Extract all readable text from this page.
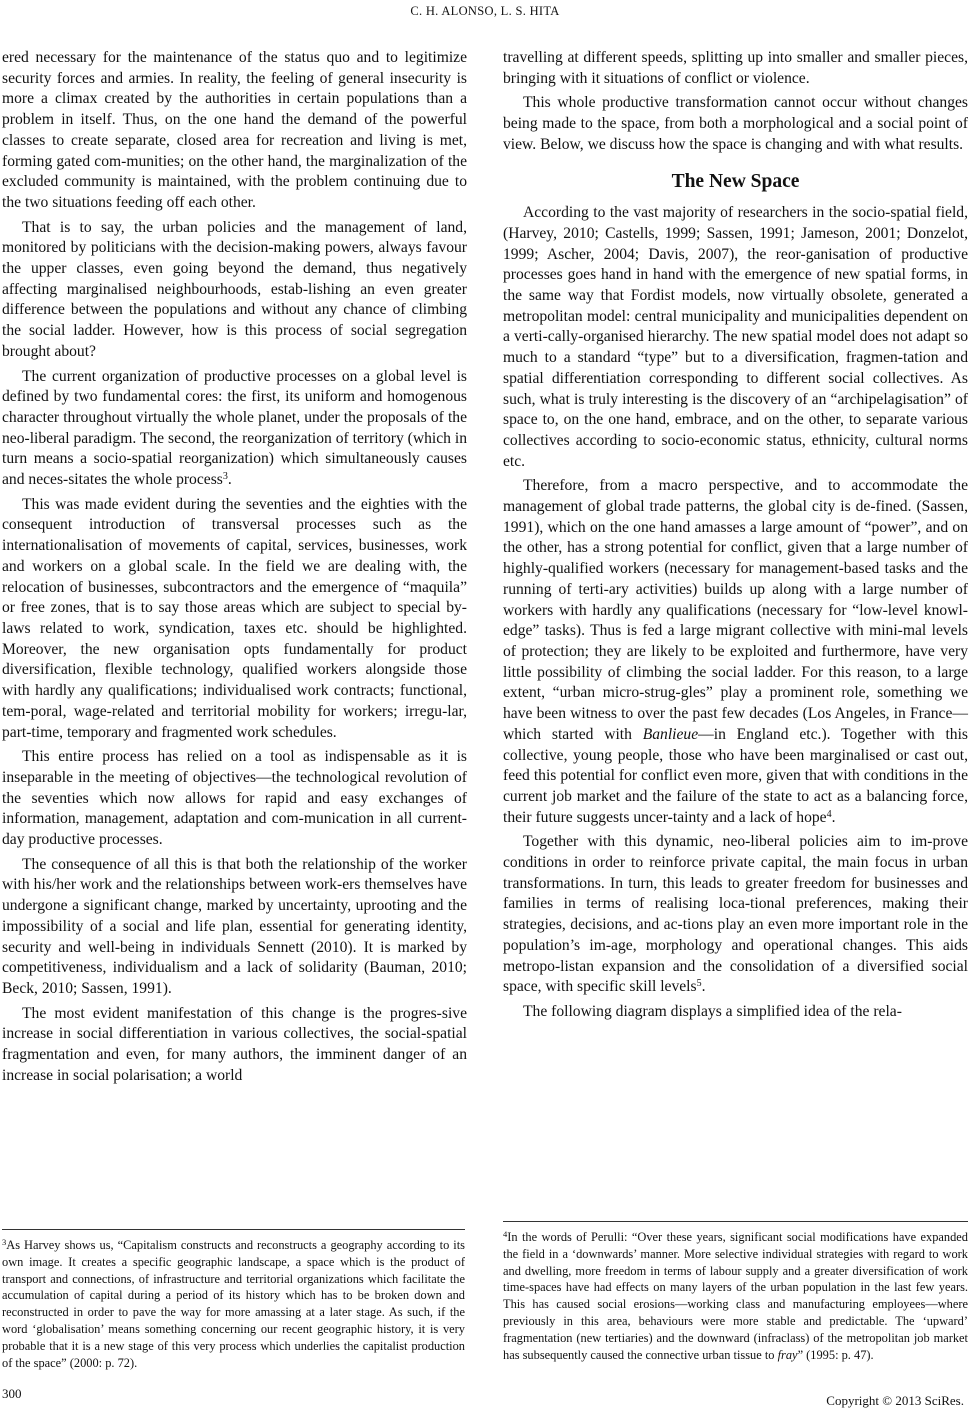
C. H. ALONSO, L. S. HITA

ered necessary for the maintenance of the status quo and to legitimize security forces and armies. In reality, the feeling of general insecurity is more a climax created by the authorities in certain populations than a problem in itself. Thus, on the one hand the demand of the powerful classes to create separate, closed area for recreation and living is met, forming gated com-munities; on the other hand, the marginalization of the excluded community is maintained, with the problem continuing due to the two situations feeding off each other.

That is to say, the urban policies and the management of land, monitored by politicians with the decision-making powers, always favour the upper classes, even going beyond the demand, thus negatively affecting marginalised neighbourhoods, estab-lishing an even greater difference between the populations and without any chance of climbing the social ladder. However, how is this process of social segregation brought about?

The current organization of productive processes on a global level is defined by two fundamental cores: the first, its uniform and homogenous character throughout virtually the whole planet, under the proposals of the neo-liberal paradigm. The second, the reorganization of territory (which in turn means a socio-spatial reorganization) which simultaneously causes and neces-sitates the whole process$^3$.

This was made evident during the seventies and the eighties with the consequent introduction of transversal processes such as the internationalisation of movements of capital, services, businesses, work and workers on a global scale. In the field we are dealing with, the relocation of businesses, subcontractors and the emergence of “maquila” or free zones, that is to say those areas which are subject to special by-laws related to work, syndication, taxes etc. should be highlighted. Moreover, the new organisation opts fundamentally for product diversification, flexible technology, qualified workers alongside those with hardly any qualifications; individualised work contracts; functional, tem-poral, wage-related and territorial mobility for workers; irregu-lar, part-time, temporary and fragmented work schedules.

This entire process has relied on a tool as indispensable as it is inseparable in the meeting of objectives—the technological revolution of the seventies which now allows for rapid and easy exchanges of information, management, adaptation and com-munication in all current-day productive processes.

The consequence of all this is that both the relationship of the worker with his/her work and the relationships between work-ers themselves have undergone a significant change, marked by uncertainty, uprooting and the impossibility of a social and life plan, essential for generating identity, security and well-being in individuals Sennett (2010). It is marked by competitiveness, individualism and a lack of solidarity (Bauman, 2010; Beck, 2010; Sassen, 1991).

The most evident manifestation of this change is the progres-sive increase in social differentiation in various collectives, the social-spatial fragmentation and even, for many authors, the imminent danger of an increase in social polarisation; a world

travelling at different speeds, splitting up into smaller and smaller pieces, bringing with it situations of conflict or violence.

This whole productive transformation cannot occur without changes being made to the space, from both a morphological and a social point of view. Below, we discuss how the space is changing and with what results.

The New Space

According to the vast majority of researchers in the socio-spatial field, (Harvey, 2010; Castells, 1999; Sassen, 1991; Jameson, 2001; Donzelot, 1999; Ascher, 2004; Davis, 2007), the reor-ganisation of productive processes goes hand in hand with the emergence of new spatial forms, in the same way that Fordist models, now virtually obsolete, generated a metropolitan model: central municipality and municipalities dependent on a verti-cally-organised hierarchy. The new spatial model does not adapt so much to a standard “type” but to a diversification, fragmen-tation and spatial differentiation corresponding to different social collectives. As such, what is truly interesting is the discovery of an “archipelagisation” of space to, on the one hand, embrace, and on the other, to separate various collectives according to socio-economic status, ethnicity, cultural norms etc.

Therefore, from a macro perspective, and to accommodate the management of global trade patterns, the global city is de-fined. (Sassen, 1991), which on the one hand amasses a large amount of “power”, and on the other, has a strong potential for conflict, given that a large number of highly-qualified workers (necessary for management-based tasks and the running of terti-ary activities) builds up along with a large number of workers with hardly any qualifications (necessary for “low-level knowl-edge” tasks). Thus is fed a large migrant collective with mini-mal levels of protection; they are likely to be exploited and furthermore, have very little possibility of climbing the social ladder. For this reason, to a large extent, “urban micro-strug-gles” play a prominent role, something we have been witness to over the past few decades (Los Angeles, in France—which started with Banlieue—in England etc.). Together with this collective, young people, those who have been marginalised or cast out, feed this potential for conflict even more, given that with conditions in the current job market and the failure of the state to act as a balancing force, their future suggests uncer-tainty and a lack of hope$^4$.

Together with this dynamic, neo-liberal policies aim to im-prove conditions in order to reinforce private capital, the main focus in urban transformations. In turn, this leads to greater freedom for businesses and families in terms of realising loca-tional preferences, making their strategies, decisions, and ac-tions play an even more important role in the population’s im-age, morphology and operational changes. This aids metropo-listan expansion and the consolidation of a diversified social space, with specific skill levels$^5$.

The following diagram displays a simplified idea of the rela-

$^3$As Harvey shows us, “Capitalism constructs and reconstructs a geography according to its own image. It creates a specific geographic landscape, a space which is the product of transport and connections, of infrastructure and territorial organizations which facilitate the accumulation of capital during a period of its history which has to be broken down and reconstructed in order to pave the way for more amassing at a later stage. As such, if the word ‘globalisation’ means something concerning our recent geographic history, it is very probable that it is a new stage of this very process which underlies the capitalist production of the space” (2000: p. 72).

$^4$In the words of Perulli: “Over these years, significant social modifications have expanded the field in a ‘downwards’ manner. More selective individual strategies with regard to work and dwelling, more freedom in terms of labour supply and a greater diversification of work time-spaces have had effects on many layers of the urban population in the last few years. This has caused social erosions—working class and manufacturing employees—where previously in this area, behaviours were more stable and predictable. The ‘upward’ fragmentation (new tertiaries) and the downward (infraclass) of the metropolitan job market has subsequently caused the connective urban tissue to fray” (1995: p. 47).

300	Copyright © 2013 SciRes.
